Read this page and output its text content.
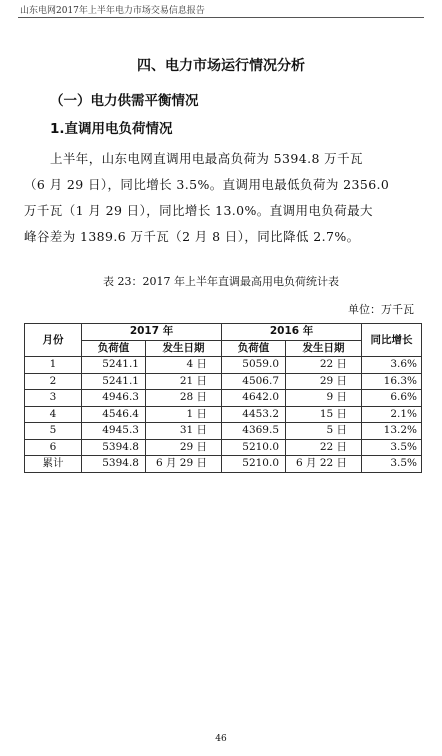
山东电网2017年上半年电力市场交易信息报告
四、电力市场运行情况分析
（一）电力供需平衡情况
1.直调用电负荷情况
上半年，山东电网直调用电最高负荷为 5394.8 万千瓦
（6 月 29 日），同比增长 3.5%。直调用电最低负荷为 2356.0
万千瓦（1 月 29 日），同比增长 13.0%。直调用电负荷最大
峰谷差为 1389.6 万千瓦（2 月 8 日），同比降低 2.7%。
表 23：2017 年上半年直调最高用电负荷统计表
单位：万千瓦
月份	2017 年		2016 年		同比增长
	负荷值	发生日期	负荷值	发生日期	
1	5241.1	4 日	5059.0	22 日	3.6%
2	5241.1	21 日	4506.7	29 日	16.3%
3	4946.3	28 日	4642.0	9 日	6.6%
4	4546.4	1 日	4453.2	15 日	2.1%
5	4945.3	31 日	4369.5	5 日	13.2%
6	5394.8	29 日	5210.0	22 日	3.5%
累计	5394.8	6 月 29 日	5210.0	6 月 22 日	3.5%
46
